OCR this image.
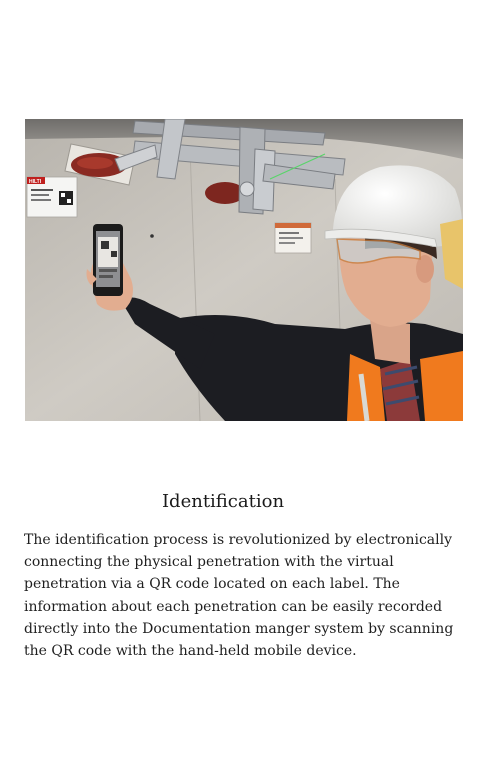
HILTI
Identification

The identification process is revolutionized by electronically connecting the physical penetration with the virtual penetration via a QR code located on each label. The information about each penetration can be easily recorded directly into the Documentation manger system by scanning the QR code with the hand-held mobile device.
